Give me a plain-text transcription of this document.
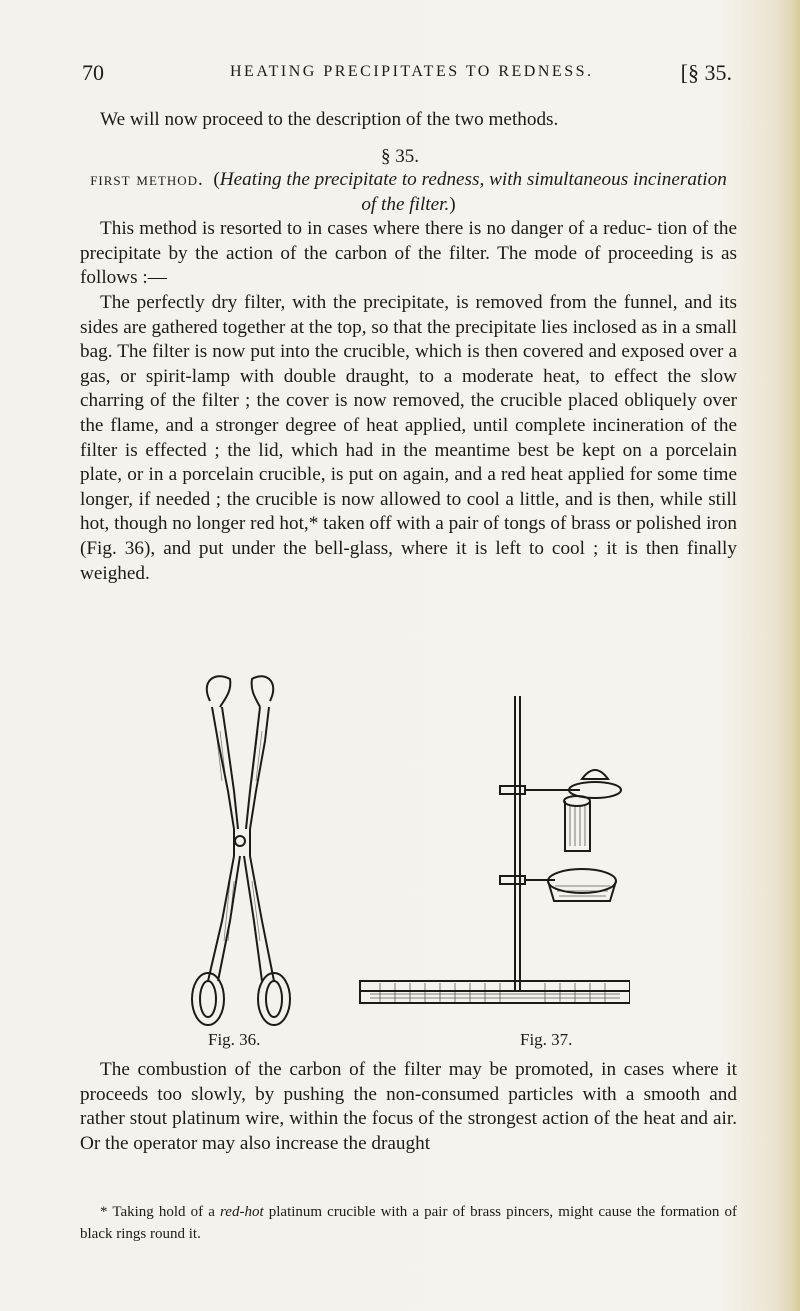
70	HEATING PRECIPITATES TO REDNESS.	[§ 35.

We will now proceed to the description of the two methods.

§ 35.

first method. (Heating the precipitate to redness, with simultaneous incineration of the filter.)

This method is resorted to in cases where there is no danger of a reduc‑ tion of the precipitate by the action of the carbon of the filter. The mode of proceeding is as follows :—

The perfectly dry filter, with the precipitate, is removed from the funnel, and its sides are gathered together at the top, so that the precipitate lies inclosed as in a small bag. The filter is now put into the crucible, which is then covered and exposed over a gas, or spirit-lamp with double draught, to a moderate heat, to effect the slow charring of the filter ; the cover is now removed, the crucible placed obliquely over the flame, and a stronger degree of heat applied, until complete incineration of the filter is effected ; the lid, which had in the meantime best be kept on a porcelain plate, or in a porcelain crucible, is put on again, and a red heat applied for some time longer, if needed ; the crucible is now allowed to cool a little, and is then, while still hot, though no longer red hot,* taken off with a pair of tongs of brass or polished iron (Fig. 36), and put under the bell-glass, where it is left to cool ; it is then finally weighed.

Fig. 36.	Fig. 37.

The combustion of the carbon of the filter may be promoted, in cases where it proceeds too slowly, by pushing the non-consumed particles with a smooth and rather stout platinum wire, within the focus of the strongest action of the heat and air. Or the operator may also increase the draught

* Taking hold of a red-hot platinum crucible with a pair of brass pincers, might cause the formation of black rings round it.
